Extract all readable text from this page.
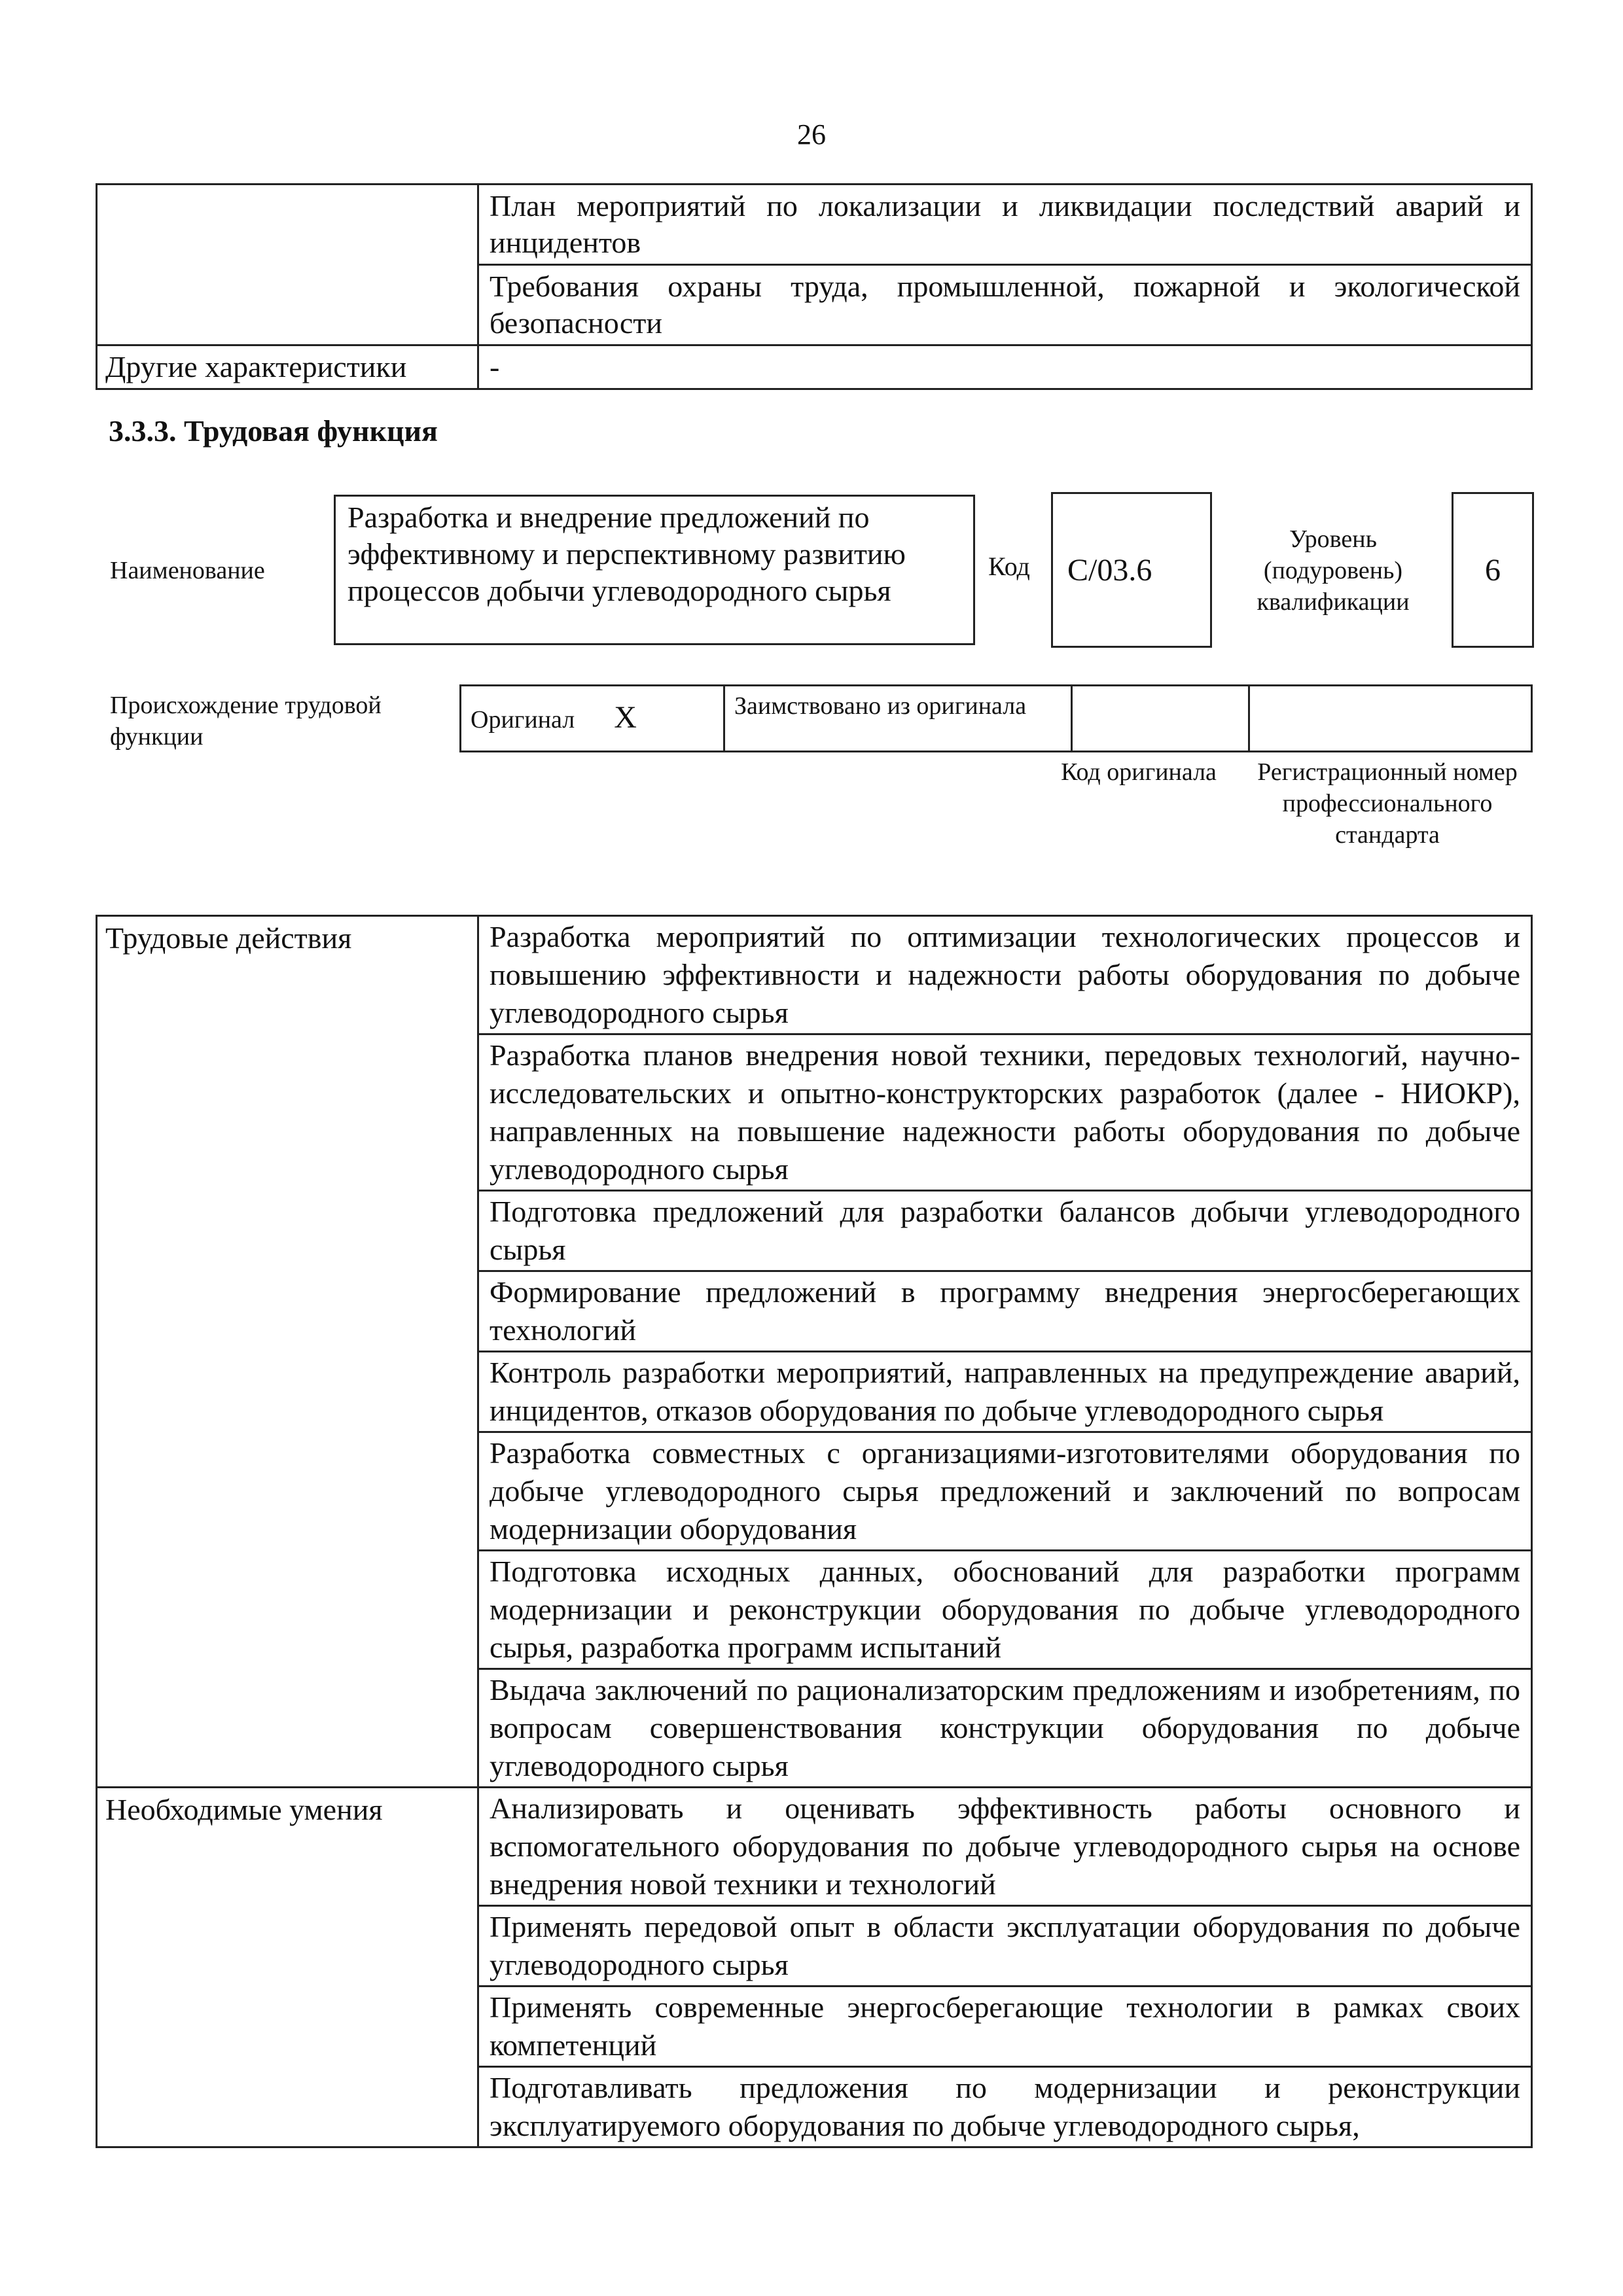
26
	План мероприятий по локализации и ликвидации последствий аварий и инцидентов
	Требования охраны труда, промышленной, пожарной и экологической безопасности
Другие характеристики	-
3.3.3. Трудовая функция
Наименование
Разработка и внедрение предложений по эффективному и перспективному развитию процессов добычи углеводородного сырья
Код	C/03.6
Уровень (подуровень) квалификации
6
Происхождение трудовой функции
Оригинал X	Заимствовано из оригинала		
Код оригинала	Регистрационный номер профессионального стандарта
Трудовые действия	Разработка мероприятий по оптимизации технологических процессов и повышению эффективности и надежности работы оборудования по добыче углеводородного сырья
	Разработка планов внедрения новой техники, передовых технологий, научно-исследовательских и опытно-конструкторских разработок (далее - НИОКР), направленных на повышение надежности работы оборудования по добыче углеводородного сырья
	Подготовка предложений для разработки балансов добычи углеводородного сырья
	Формирование предложений в программу внедрения энергосберегающих технологий
	Контроль разработки мероприятий, направленных на предупреждение аварий, инцидентов, отказов оборудования по добыче углеводородного сырья
	Разработка совместных с организациями-изготовителями оборудования по добыче углеводородного сырья предложений и заключений по вопросам модернизации оборудования
	Подготовка исходных данных, обоснований для разработки программ модернизации и реконструкции оборудования по добыче углеводородного сырья, разработка программ испытаний
	Выдача заключений по рационализаторским предложениям и изобретениям, по вопросам совершенствования конструкции оборудования по добыче углеводородного сырья
Необходимые умения	Анализировать и оценивать эффективность работы основного и вспомогательного оборудования по добыче углеводородного сырья на основе внедрения новой техники и технологий
	Применять передовой опыт в области эксплуатации оборудования по добыче углеводородного сырья
	Применять современные энергосберегающие технологии в рамках своих компетенций
	Подготавливать предложения по модернизации и реконструкции эксплуатируемого оборудования по добыче углеводородного сырья,
